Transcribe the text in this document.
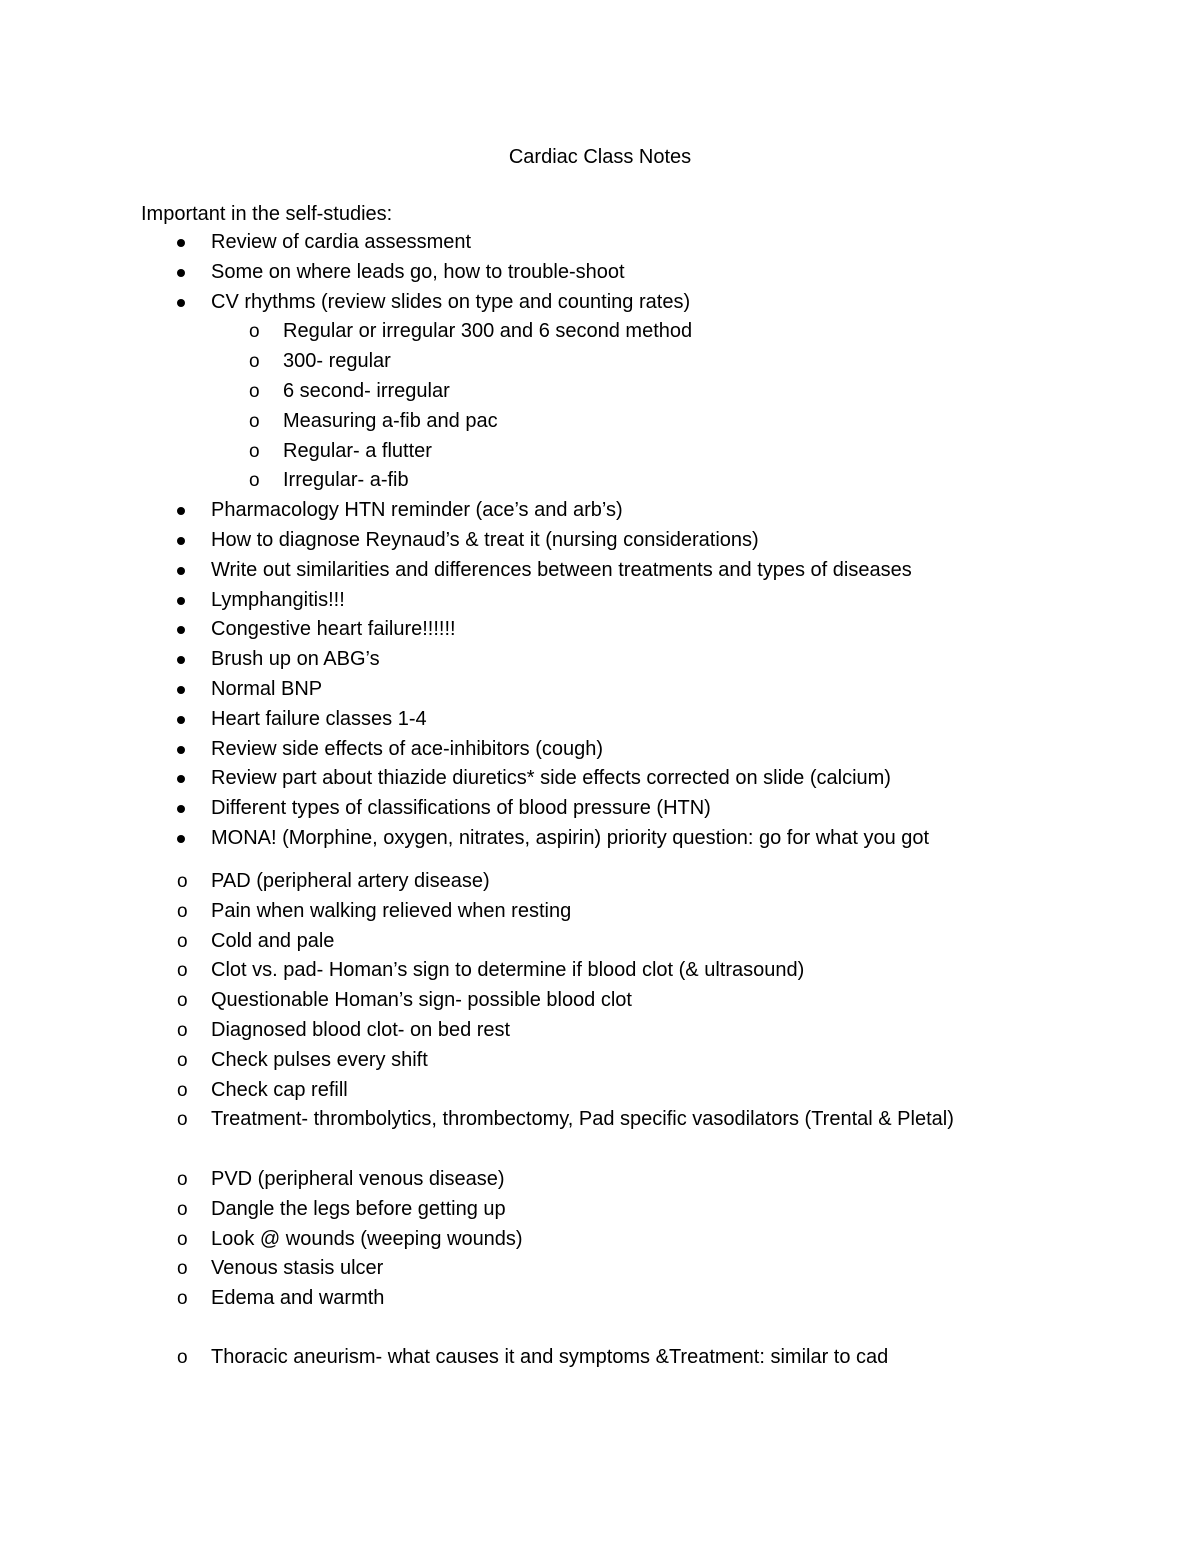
Cardiac Class Notes

Important in the self-studies:

Review of cardia assessment
Some on where leads go, how to trouble-shoot
CV rhythms (review slides on type and counting rates)
o Regular or irregular 300 and 6 second method
o 300- regular
o 6 second- irregular
o Measuring a-fib and pac
o Regular- a flutter
o Irregular- a-fib
Pharmacology HTN reminder (ace’s and arb’s)
How to diagnose Reynaud’s & treat it (nursing considerations)
Write out similarities and differences between treatments and types of diseases
Lymphangitis!!!
Congestive heart failure!!!!!!
Brush up on ABG’s
Normal BNP
Heart failure classes 1-4
Review side effects of ace-inhibitors (cough)
Review part about thiazide diuretics* side effects corrected on slide (calcium)
Different types of classifications of blood pressure (HTN)
MONA! (Morphine, oxygen, nitrates, aspirin) priority question: go for what you got
o PAD (peripheral artery disease)
o Pain when walking relieved when resting
o Cold and pale
o Clot vs. pad- Homan’s sign to determine if blood clot (& ultrasound)
o Questionable Homan’s sign- possible blood clot
o Diagnosed blood clot- on bed rest
o Check pulses every shift
o Check cap refill
o Treatment- thrombolytics, thrombectomy, Pad specific vasodilators (Trental & Pletal)
o PVD (peripheral venous disease)
o Dangle the legs before getting up
o Look @ wounds (weeping wounds)
o Venous stasis ulcer
o Edema and warmth
o Thoracic aneurism- what causes it and symptoms &Treatment: similar to cad
